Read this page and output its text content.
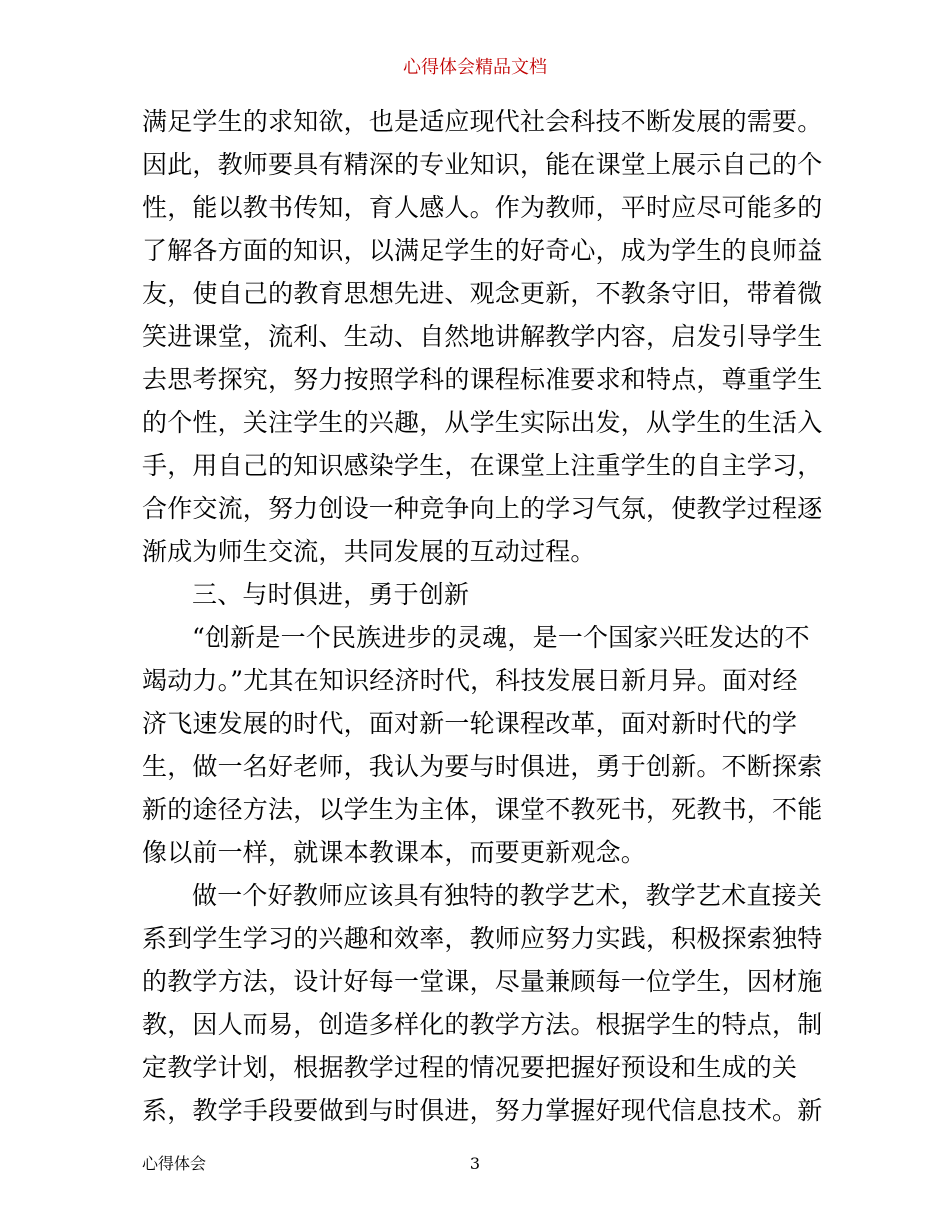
心得体会精品文档
满足学生的求知欲，也是适应现代社会科技不断发展的需要。
因此，教师要具有精深的专业知识，能在课堂上展示自己的个
性，能以教书传知，育人感人。作为教师，平时应尽可能多的
了解各方面的知识，以满足学生的好奇心，成为学生的良师益
友，使自己的教育思想先进、观念更新，不教条守旧，带着微
笑进课堂，流利、生动、自然地讲解教学内容，启发引导学生
去思考探究，努力按照学科的课程标准要求和特点，尊重学生
的个性，关注学生的兴趣，从学生实际出发，从学生的生活入
手，用自己的知识感染学生，在课堂上注重学生的自主学习，
合作交流，努力创设一种竞争向上的学习气氛，使教学过程逐
渐成为师生交流，共同发展的互动过程。
三、与时俱进，勇于创新
“创新是一个民族进步的灵魂，是一个国家兴旺发达的不
竭动力。”尤其在知识经济时代，科技发展日新月异。面对经
济飞速发展的时代，面对新一轮课程改革，面对新时代的学
生，做一名好老师，我认为要与时俱进，勇于创新。不断探索
新的途径方法，以学生为主体，课堂不教死书，死教书，不能
像以前一样，就课本教课本，而要更新观念。
做一个好教师应该具有独特的教学艺术，教学艺术直接关
系到学生学习的兴趣和效率，教师应努力实践，积极探索独特
的教学方法，设计好每一堂课，尽量兼顾每一位学生，因材施
教，因人而易，创造多样化的教学方法。根据学生的特点，制
定教学计划，根据教学过程的情况要把握好预设和生成的关
系，教学手段要做到与时俱进，努力掌握好现代信息技术。新
心得体会	3
